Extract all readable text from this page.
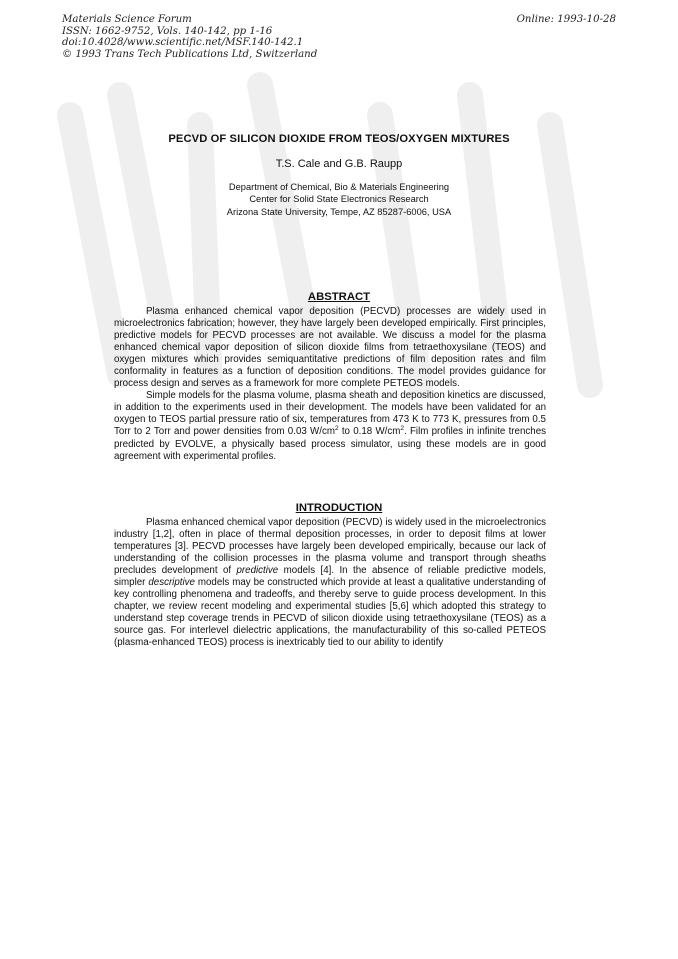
Materials Science Forum
ISSN: 1662-9752, Vols. 140-142, pp 1-16
doi:10.4028/www.scientific.net/MSF.140-142.1
© 1993 Trans Tech Publications Ltd, Switzerland
Online: 1993-10-28
PECVD OF SILICON DIOXIDE FROM TEOS/OXYGEN MIXTURES
T.S. Cale and G.B. Raupp
Department of Chemical, Bio & Materials Engineering
Center for Solid State Electronics Research
Arizona State University, Tempe, AZ 85287-6006, USA
ABSTRACT

Plasma enhanced chemical vapor deposition (PECVD) processes are widely used in microelectronics fabrication; however, they have largely been developed empirically. First principles, predictive models for PECVD processes are not available. We discuss a model for the plasma enhanced chemical vapor deposition of silicon dioxide films from tetraethoxysilane (TEOS) and oxygen mixtures which provides semiquantitative predictions of film deposition rates and film conformality in features as a function of deposition conditions. The model provides guidance for process design and serves as a framework for more complete PETEOS models.

Simple models for the plasma volume, plasma sheath and deposition kinetics are discussed, in addition to the experiments used in their development. The models have been validated for an oxygen to TEOS partial pressure ratio of six, temperatures from 473 K to 773 K, pressures from 0.5 Torr to 2 Torr and power densities from 0.03 $W/cm^2$ to 0.18 $W/cm^2$. Film profiles in infinite trenches predicted by EVOLVE, a physically based process simulator, using these models are in good agreement with experimental profiles.

INTRODUCTION

Plasma enhanced chemical vapor deposition (PECVD) is widely used in the microelectronics industry [1,2], often in place of thermal deposition processes, in order to deposit films at lower temperatures [3]. PECVD processes have largely been developed empirically, because our lack of understanding of the collision processes in the plasma volume and transport through sheaths precludes development of predictive models [4]. In the absence of reliable predictive models, simpler descriptive models may be constructed which provide at least a qualitative understanding of key controlling phenomena and tradeoffs, and thereby serve to guide process development. In this chapter, we review recent modeling and experimental studies [5,6] which adopted this strategy to understand step coverage trends in PECVD of silicon dioxide using tetraethoxysilane (TEOS) as a source gas. For interlevel dielectric applications, the manufacturability of this so-called PETEOS (plasma-enhanced TEOS) process is inextricably tied to our ability to identify
